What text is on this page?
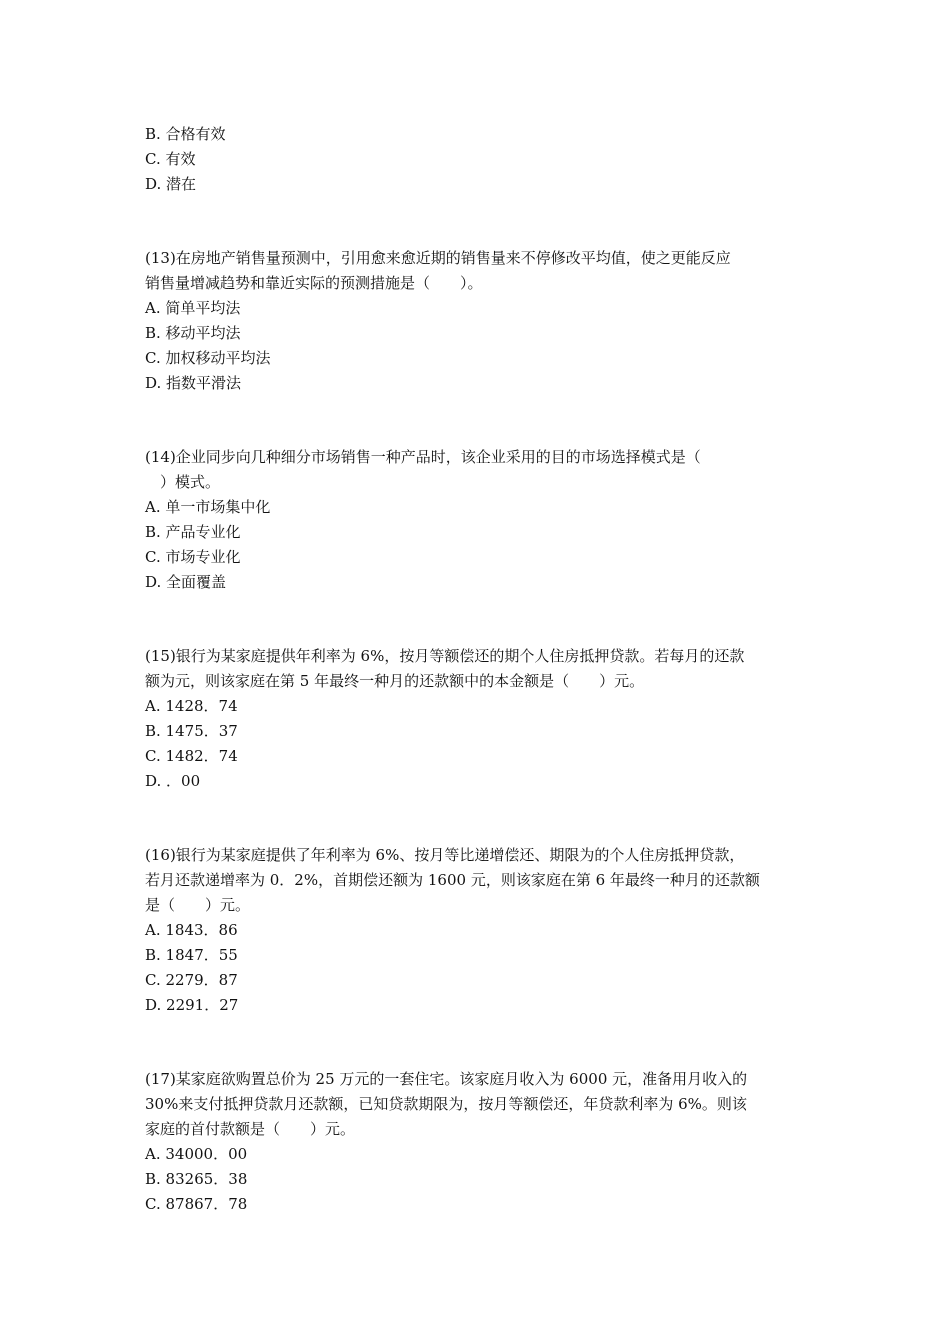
B. 合格有效
C. 有效
D. 潜在
(13)在房地产销售量预测中，引用愈来愈近期的销售量来不停修改平均值，使之更能反应
销售量增减趋势和靠近实际的预测措施是（　　）。
A. 简单平均法
B. 移动平均法
C. 加权移动平均法
D. 指数平滑法
(14)企业同步向几种细分市场销售一种产品时，该企业采用的目的市场选择模式是（
　）模式。
A. 单一市场集中化
B. 产品专业化
C. 市场专业化
D. 全面覆盖
(15)银行为某家庭提供年利率为 6%，按月等额偿还的期个人住房抵押贷款。若每月的还款
额为元，则该家庭在第 5 年最终一种月的还款额中的本金额是（　　）元。
A. 1428．74
B. 1475．37
C. 1482．74
D. ．00
(16)银行为某家庭提供了年利率为 6%、按月等比递增偿还、期限为的个人住房抵押贷款，
若月还款递增率为 0．2%，首期偿还额为 1600 元，则该家庭在第 6 年最终一种月的还款额
是（　　）元。
A. 1843．86
B. 1847．55
C. 2279．87
D. 2291．27
(17)某家庭欲购置总价为 25 万元的一套住宅。该家庭月收入为 6000 元，准备用月收入的
30%来支付抵押贷款月还款额，已知贷款期限为，按月等额偿还，年贷款利率为 6%。则该
家庭的首付款额是（　　）元。
A. 34000．00
B. 83265．38
C. 87867．78
